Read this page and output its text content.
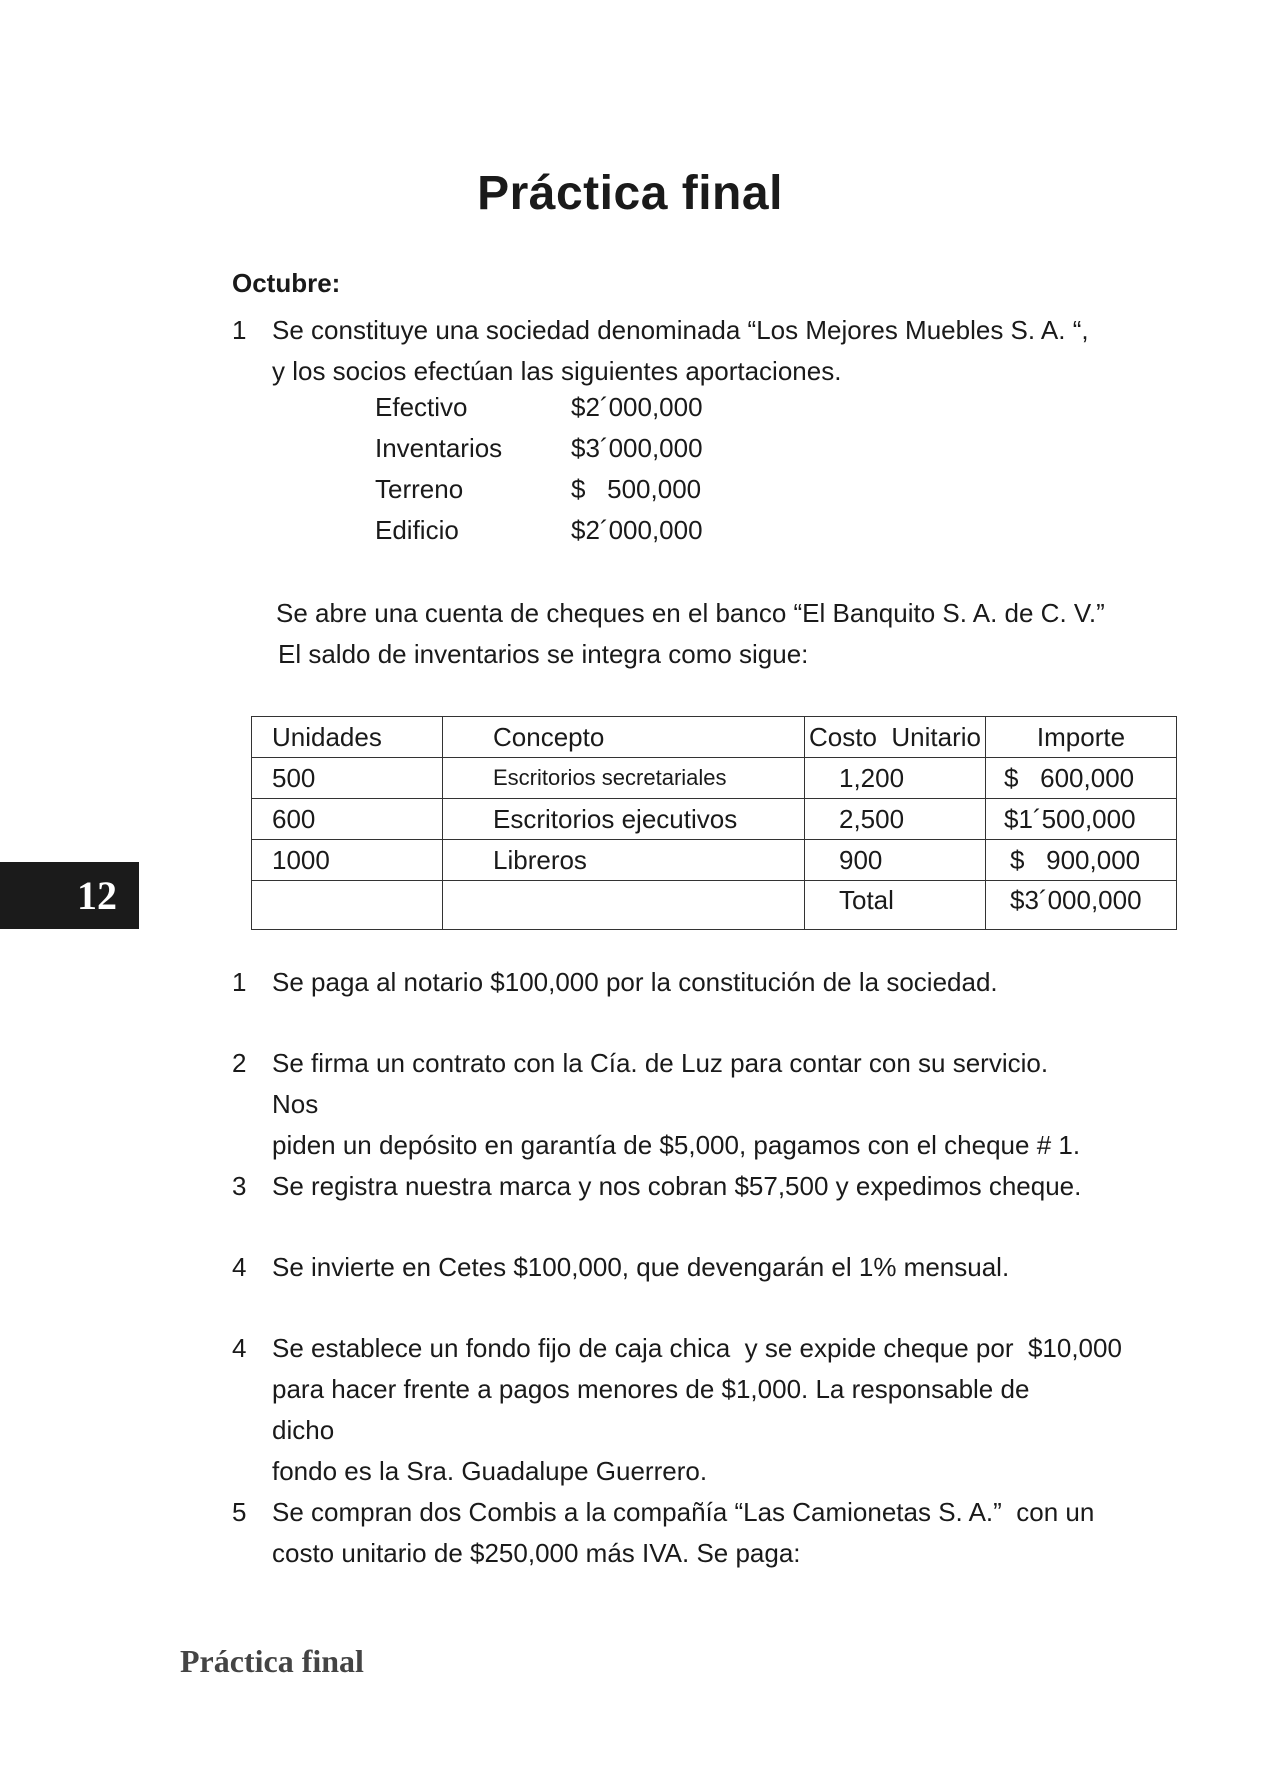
Práctica final
Octubre:
1 Se constituye una sociedad denominada “Los Mejores Muebles S. A. “,
y los socios efectúan las siguientes aportaciones.
Efectivo	$2´000,000
Inventarios	$3´000,000
Terreno	$   500,000
Edificio	$2´000,000
Se abre una cuenta de cheques en el banco “El Banquito S. A. de C. V.”
El saldo de inventarios se integra como sigue:
Unidades	Concepto	Costo  Unitario	Importe
500	Escritorios secretariales	1,200	$   600,000
600	Escritorios ejecutivos	2,500	$1´500,000
1000	Libreros	900	$   900,000
		Total	$3´000,000
12
1 Se paga al notario $100,000 por la constitución de la sociedad.
2 Se firma un contrato con la Cía. de Luz para contar con su servicio. Nos
piden un depósito en garantía de $5,000, pagamos con el cheque # 1.
3 Se registra nuestra marca y nos cobran $57,500 y expedimos cheque.
4 Se invierte en Cetes $100,000, que devengarán el 1% mensual.
4 Se establece un fondo fijo de caja chica  y se expide cheque por  $10,000
para hacer frente a pagos menores de $1,000. La responsable de dicho
fondo es la Sra. Guadalupe Guerrero.
5 Se compran dos Combis a la compañía “Las Camionetas S. A.”  con un
costo unitario de $250,000 más IVA. Se paga:
Práctica final
